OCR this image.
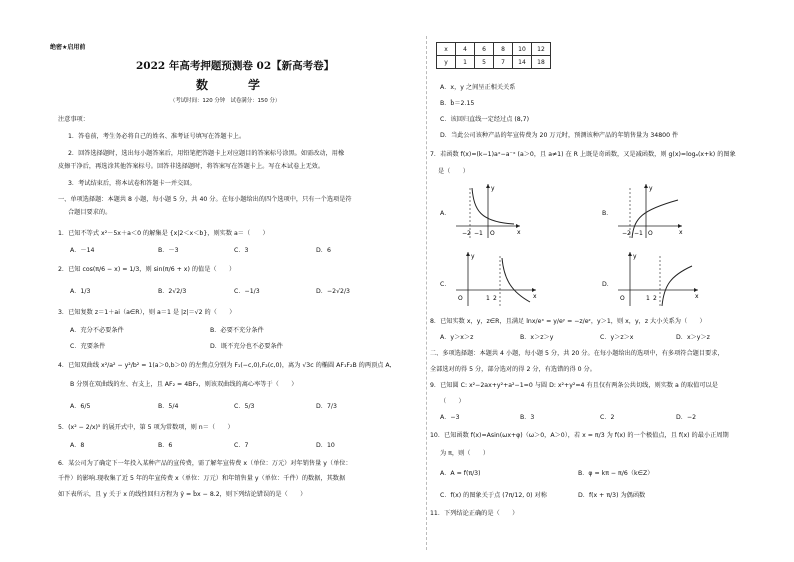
绝密★启用前
2022 年高考押题预测卷 02【新高考卷】
数　学
（考试时间：120 分钟　试卷满分：150 分）
注意事项：
1．答卷前，考生务必将自己的姓名、准考证号填写在答题卡上。
2．回答选择题时，选出每小题答案后，用铅笔把答题卡上对应题目的答案标号涂黑。如需改动，用橡
皮擦干净后，再选涂其他答案标号。回答非选择题时，将答案写在答题卡上。写在本试卷上无效。
3．考试结束后，将本试卷和答题卡一并交回。
一、单项选择题：本题共 8 小题，每小题 5 分，共 40 分。在每小题给出的四个选项中，只有一个选项是符
合题目要求的。
1．已知不等式 x²－5x＋a＜0 的解集是 {x|2＜x＜b}，则实数 a＝（　　）
A．－14	B．－3	C．3	D．6
2．已知 cos(π/6 − x) = 1/3，则 sin(π/6 + x) 的值是（　　）
A．1/3	B．2√2/3	C．−1/3	D．−2√2/3
3．已知复数 z＝1＋ai（a∈R），则 a＝1 是 |z|＝√2 的（　　）
A．充分不必要条件	B．必要不充分条件
C．充要条件	D．既不充分也不必要条件
4．已知双曲线 x²/a² − y²/b² = 1(a＞0,b＞0) 的左焦点分别为 F₁(−c,0),F₂(c,0)，离为 √3c 的椭圆 AF₁F₂B 的两顶点 A,
B 分别在双曲线的左、右支上，且 AF₂ = 4BF₂，则该双曲线的离心率等于（　　）
A．6/5	B．5/4	C．5/3	D．7/3
5．(x² − 2/x)⁵ 的展开式中，第 5 项为常数项，则 n＝（　　）
A．8	B．6	C．7	D．10
6．某公司为了确定下一年投入某种产品的宣传费，需了解年宣传费 x（单位：万元）对年销售量 y（单位：
千件）的影响.现收集了近 5 年的年宣传费 x（单位：万元）和年销售量 y（单位：千件）的数据，其数据
如下表所示，且 y 关于 x 的线性回归方程为 ŷ = b̂x − 8.2，则下列结论错误的是（　　）
x	4	6	8	10	12
y	1	5	7	14	18
A．x，y 之间呈正相关关系
B．b̂＝2.15
C．该回归直线一定经过点 (8,7)
D．当此公司该种产品的年宣传费为 20 万元时，预测该种产品的年销售量为 34800 件
7．若函数 f(x)=(k−1)aˣ−a⁻ˣ (a＞0，且 a≠1) 在 R 上既是奇函数，又是减函数，则 g(x)=logₐ(x+k) 的图象
是（　　）
A．
−2 −1 O	x
y
B．
−2 −1 O	x
y
C．
O	1 2	x
y
D．
O	1 2	x
y
8．已知实数 x，y，z∈R，且满足 lnx/eˣ = y/eʸ = −z/eᶻ，y＞1，则 x，y，z 大小关系为（　　）
A．y＞x＞z	B．x＞z＞y	C．y＞z＞x	D．x＞y＞z
二、多项选择题：本题共 4 小题，每小题 5 分，共 20 分。在每小题给出的选项中，有多项符合题目要求，
全部选对的得 5 分，部分选对的得 2 分，有选错的得 0 分。
9．已知圆 C: x²−2ax+y²+a²−1=0 与圆 D: x²+y²=4 有且仅有两条公共切线，则实数 a 的取值可以是
（　　）
A．−3	B．3	C．2	D．−2
10．已知函数 f(x)=Asin(ωx+φ)（ω＞0，A＞0），若 x = π/3 为 f(x) 的一个极值点，且 f(x) 的最小正周期
为 π，则（　　）
A．A = f(π/3)	B．φ = kπ − π/6（k∈Z）
C．f(x) 的图象关于点 (7π/12, 0) 对称	D．f(x + π/3) 为偶函数
11．下列结论正确的是（　　）
